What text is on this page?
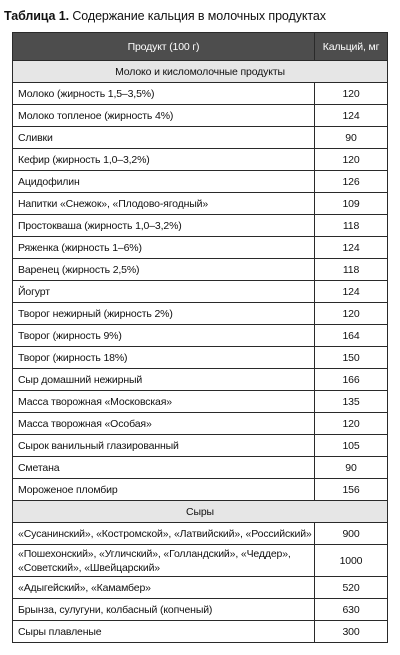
Таблица 1. Содержание кальция в молочных продуктах
Продукт (100 г)	Кальций, мг
Молоко и кисломолочные продукты	
Молоко (жирность 1,5–3,5%)	120
Молоко топленое (жирность 4%)	124
Сливки	90
Кефир (жирность 1,0–3,2%)	120
Ацидофилин	126
Напитки «Снежок», «Плодово-ягодный»	109
Простокваша (жирность 1,0–3,2%)	118
Ряженка (жирность 1–6%)	124
Варенец (жирность 2,5%)	118
Йогурт	124
Творог нежирный (жирность 2%)	120
Творог (жирность 9%)	164
Творог (жирность 18%)	150
Сыр домашний нежирный	166
Масса творожная «Московская»	135
Масса творожная «Особая»	120
Сырок ванильный глазированный	105
Сметана	90
Мороженое пломбир	156
Сыры	
«Сусанинский», «Костромской», «Латвийский», «Российский»	900
«Пошехонский», «Угличский», «Голландский», «Чеддер», «Советский», «Швейцарский»	1000
«Адыгейский», «Камамбер»	520
Брынза, сулугуни, колбасный (копченый)	630
Сыры плавленые	300
